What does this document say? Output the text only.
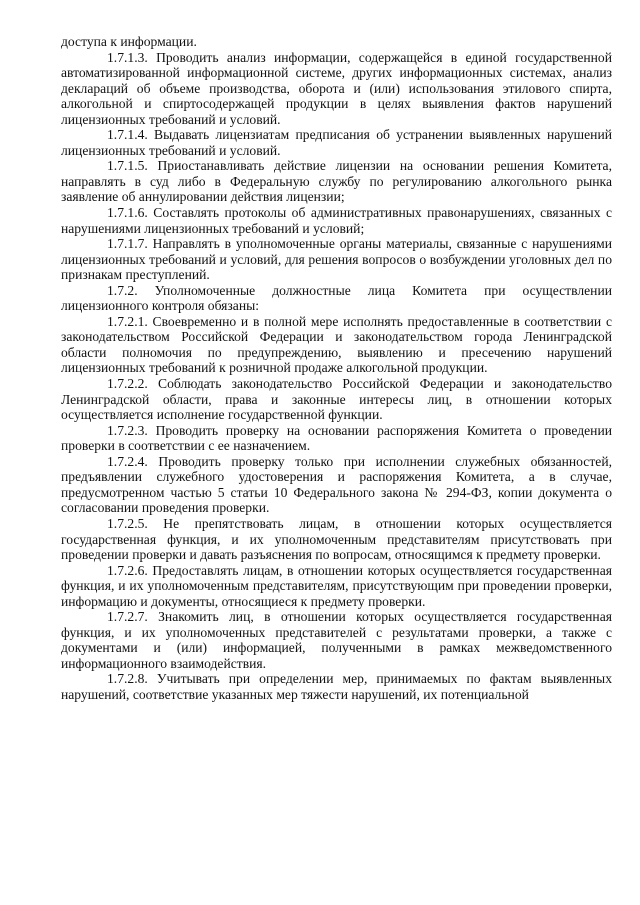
доступа к информации.

1.7.1.3. Проводить анализ информации, содержащейся в единой государственной автоматизированной информационной системе, других информационных системах, анализ деклараций об объеме производства, оборота и (или) использования этилового спирта, алкогольной и спиртосодержащей продукции в целях выявления фактов нарушений лицензионных требований и условий.

1.7.1.4. Выдавать лицензиатам предписания об устранении выявленных нарушений лицензионных требований и условий.

1.7.1.5. Приостанавливать действие лицензии на основании решения Комитета, направлять в суд либо в Федеральную службу по регулированию алкогольного рынка заявление об аннулировании действия лицензии;

1.7.1.6. Составлять протоколы об административных правонарушениях, связанных с нарушениями лицензионных требований и условий;

1.7.1.7. Направлять в уполномоченные органы материалы, связанные с нарушениями лицензионных требований и условий, для решения вопросов о возбуждении уголовных дел по признакам преступлений.

1.7.2. Уполномоченные должностные лица Комитета при осуществлении лицензионного контроля обязаны:

1.7.2.1. Своевременно и в полной мере исполнять предоставленные в соответствии с законодательством Российской Федерации и законодательством города Ленинградской области полномочия по предупреждению, выявлению и пресечению нарушений лицензионных требований к розничной продаже алкогольной продукции.

1.7.2.2. Соблюдать законодательство Российской Федерации и законодательство Ленинградской области, права и законные интересы лиц, в отношении которых осуществляется исполнение государственной функции.

1.7.2.3. Проводить проверку на основании распоряжения Комитета о проведении проверки в соответствии с ее назначением.

1.7.2.4. Проводить проверку только при исполнении служебных обязанностей, предъявлении служебного удостоверения и распоряжения Комитета, а в случае, предусмотренном частью 5 статьи 10 Федерального закона № 294-ФЗ, копии документа о согласовании проведения проверки.

1.7.2.5. Не препятствовать лицам, в отношении которых осуществляется государственная функция, и их уполномоченным представителям присутствовать при проведении проверки и давать разъяснения по вопросам, относящимся к предмету проверки.

1.7.2.6. Предоставлять лицам, в отношении которых осуществляется государственная функция, и их уполномоченным представителям, присутствующим при проведении проверки, информацию и документы, относящиеся к предмету проверки.

1.7.2.7. Знакомить лиц, в отношении которых осуществляется государственная функция, и их уполномоченных представителей с результатами проверки, а также с документами и (или) информацией, полученными в рамках межведомственного информационного взаимодействия.

1.7.2.8. Учитывать при определении мер, принимаемых по фактам выявленных нарушений, соответствие указанных мер тяжести нарушений, их потенциальной
